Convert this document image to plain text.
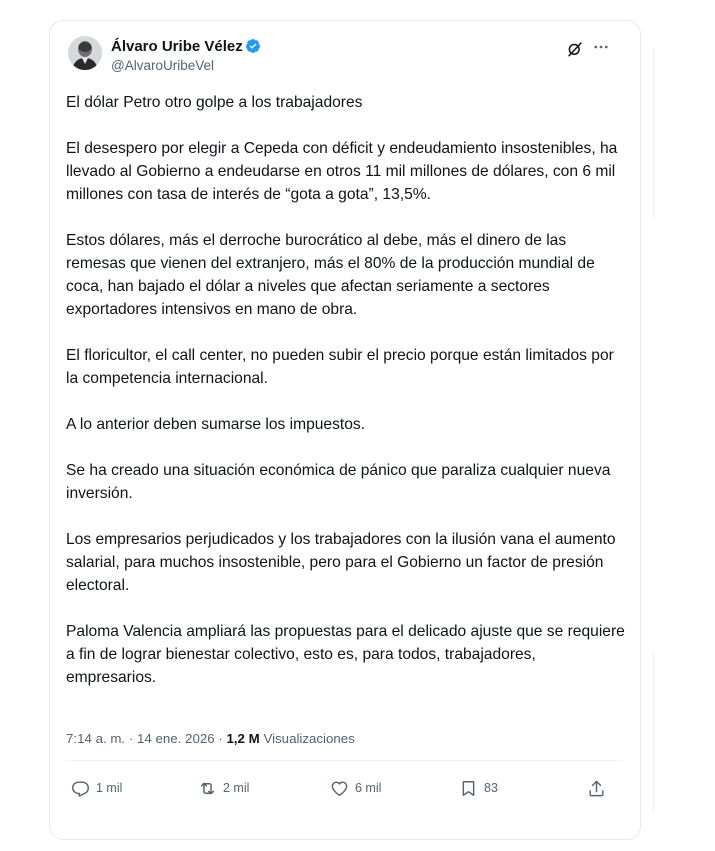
Álvaro Uribe Vélez
@AlvaroUribeVel

El dólar Petro otro golpe a los trabajadores

El desespero por elegir a Cepeda con déficit y endeudamiento insostenibles, ha llevado al Gobierno a endeudarse en otros 11 mil millones de dólares, con 6 mil millones con tasa de interés de “gota a gota”, 13,5%.

Estos dólares, más el derroche burocrático al debe, más el dinero de las remesas que vienen del extranjero, más el 80% de la producción mundial de coca, han bajado el dólar a niveles que afectan seriamente a sectores exportadores intensivos en mano de obra.

El floricultor, el call center, no pueden subir el precio porque están limitados por la competencia internacional.

A lo anterior deben sumarse los impuestos.

Se ha creado una situación económica de pánico que paraliza cualquier nueva inversión.

Los empresarios perjudicados y los trabajadores con la ilusión vana el aumento salarial, para muchos insostenible, pero para el Gobierno un factor de presión electoral.

Paloma Valencia ampliará las propuestas para el delicado ajuste que se requiere a fin de lograr bienestar colectivo, esto es, para todos, trabajadores, empresarios.

7:14 a. m. · 14 ene. 2026 · 1,2 M Visualizaciones
1 mil	2 mil	6 mil	83
